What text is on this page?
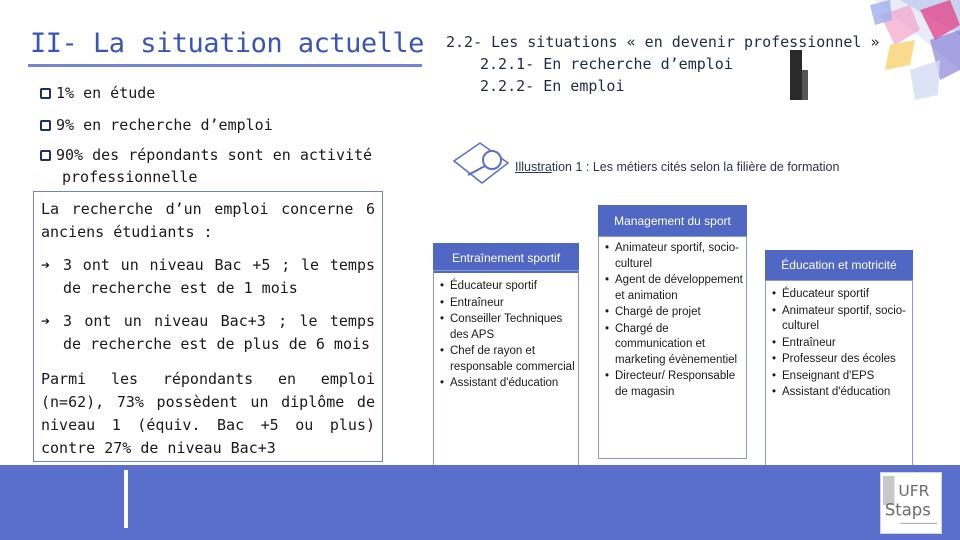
II- La situation actuelle
1% en étude
9% en recherche d’emploi
90% des répondants sont en activité
professionnelle

La recherche d’un emploi concerne 6 anciens étudiants :

➔ 3 ont un niveau Bac +5 ; le temps de recherche est de 1 mois

➔ 3 ont un niveau Bac+3 ; le temps de recherche est de plus de 6 mois

Parmi les répondants en emploi (n=62), 73% possèdent un diplôme de niveau 1 (équiv. Bac +5 ou plus) contre 27% de niveau Bac+3

2.2- Les situations « en devenir professionnel »
2.2.1- En recherche d’emploi
2.2.2- En emploi
Illustration 1 : Les métiers cités selon la filière de formation
Entraînement sportif
• Éducateur sportif
• Entraîneur
• Conseiller Techniques des APS
• Chef de rayon et responsable commercial
• Assistant d'éducation
Management du sport
• Animateur sportif, socio-culturel
• Agent de développement et animation
• Chargé de projet
• Chargé de communication et marketing évènementiel
• Directeur/ Responsable de magasin
Éducation et motricité
• Éducateur sportif
• Animateur sportif, socio-culturel
• Entraîneur
• Professeur des écoles
• Enseignant d'EPS
• Assistant d'éducation
UFR
Staps
